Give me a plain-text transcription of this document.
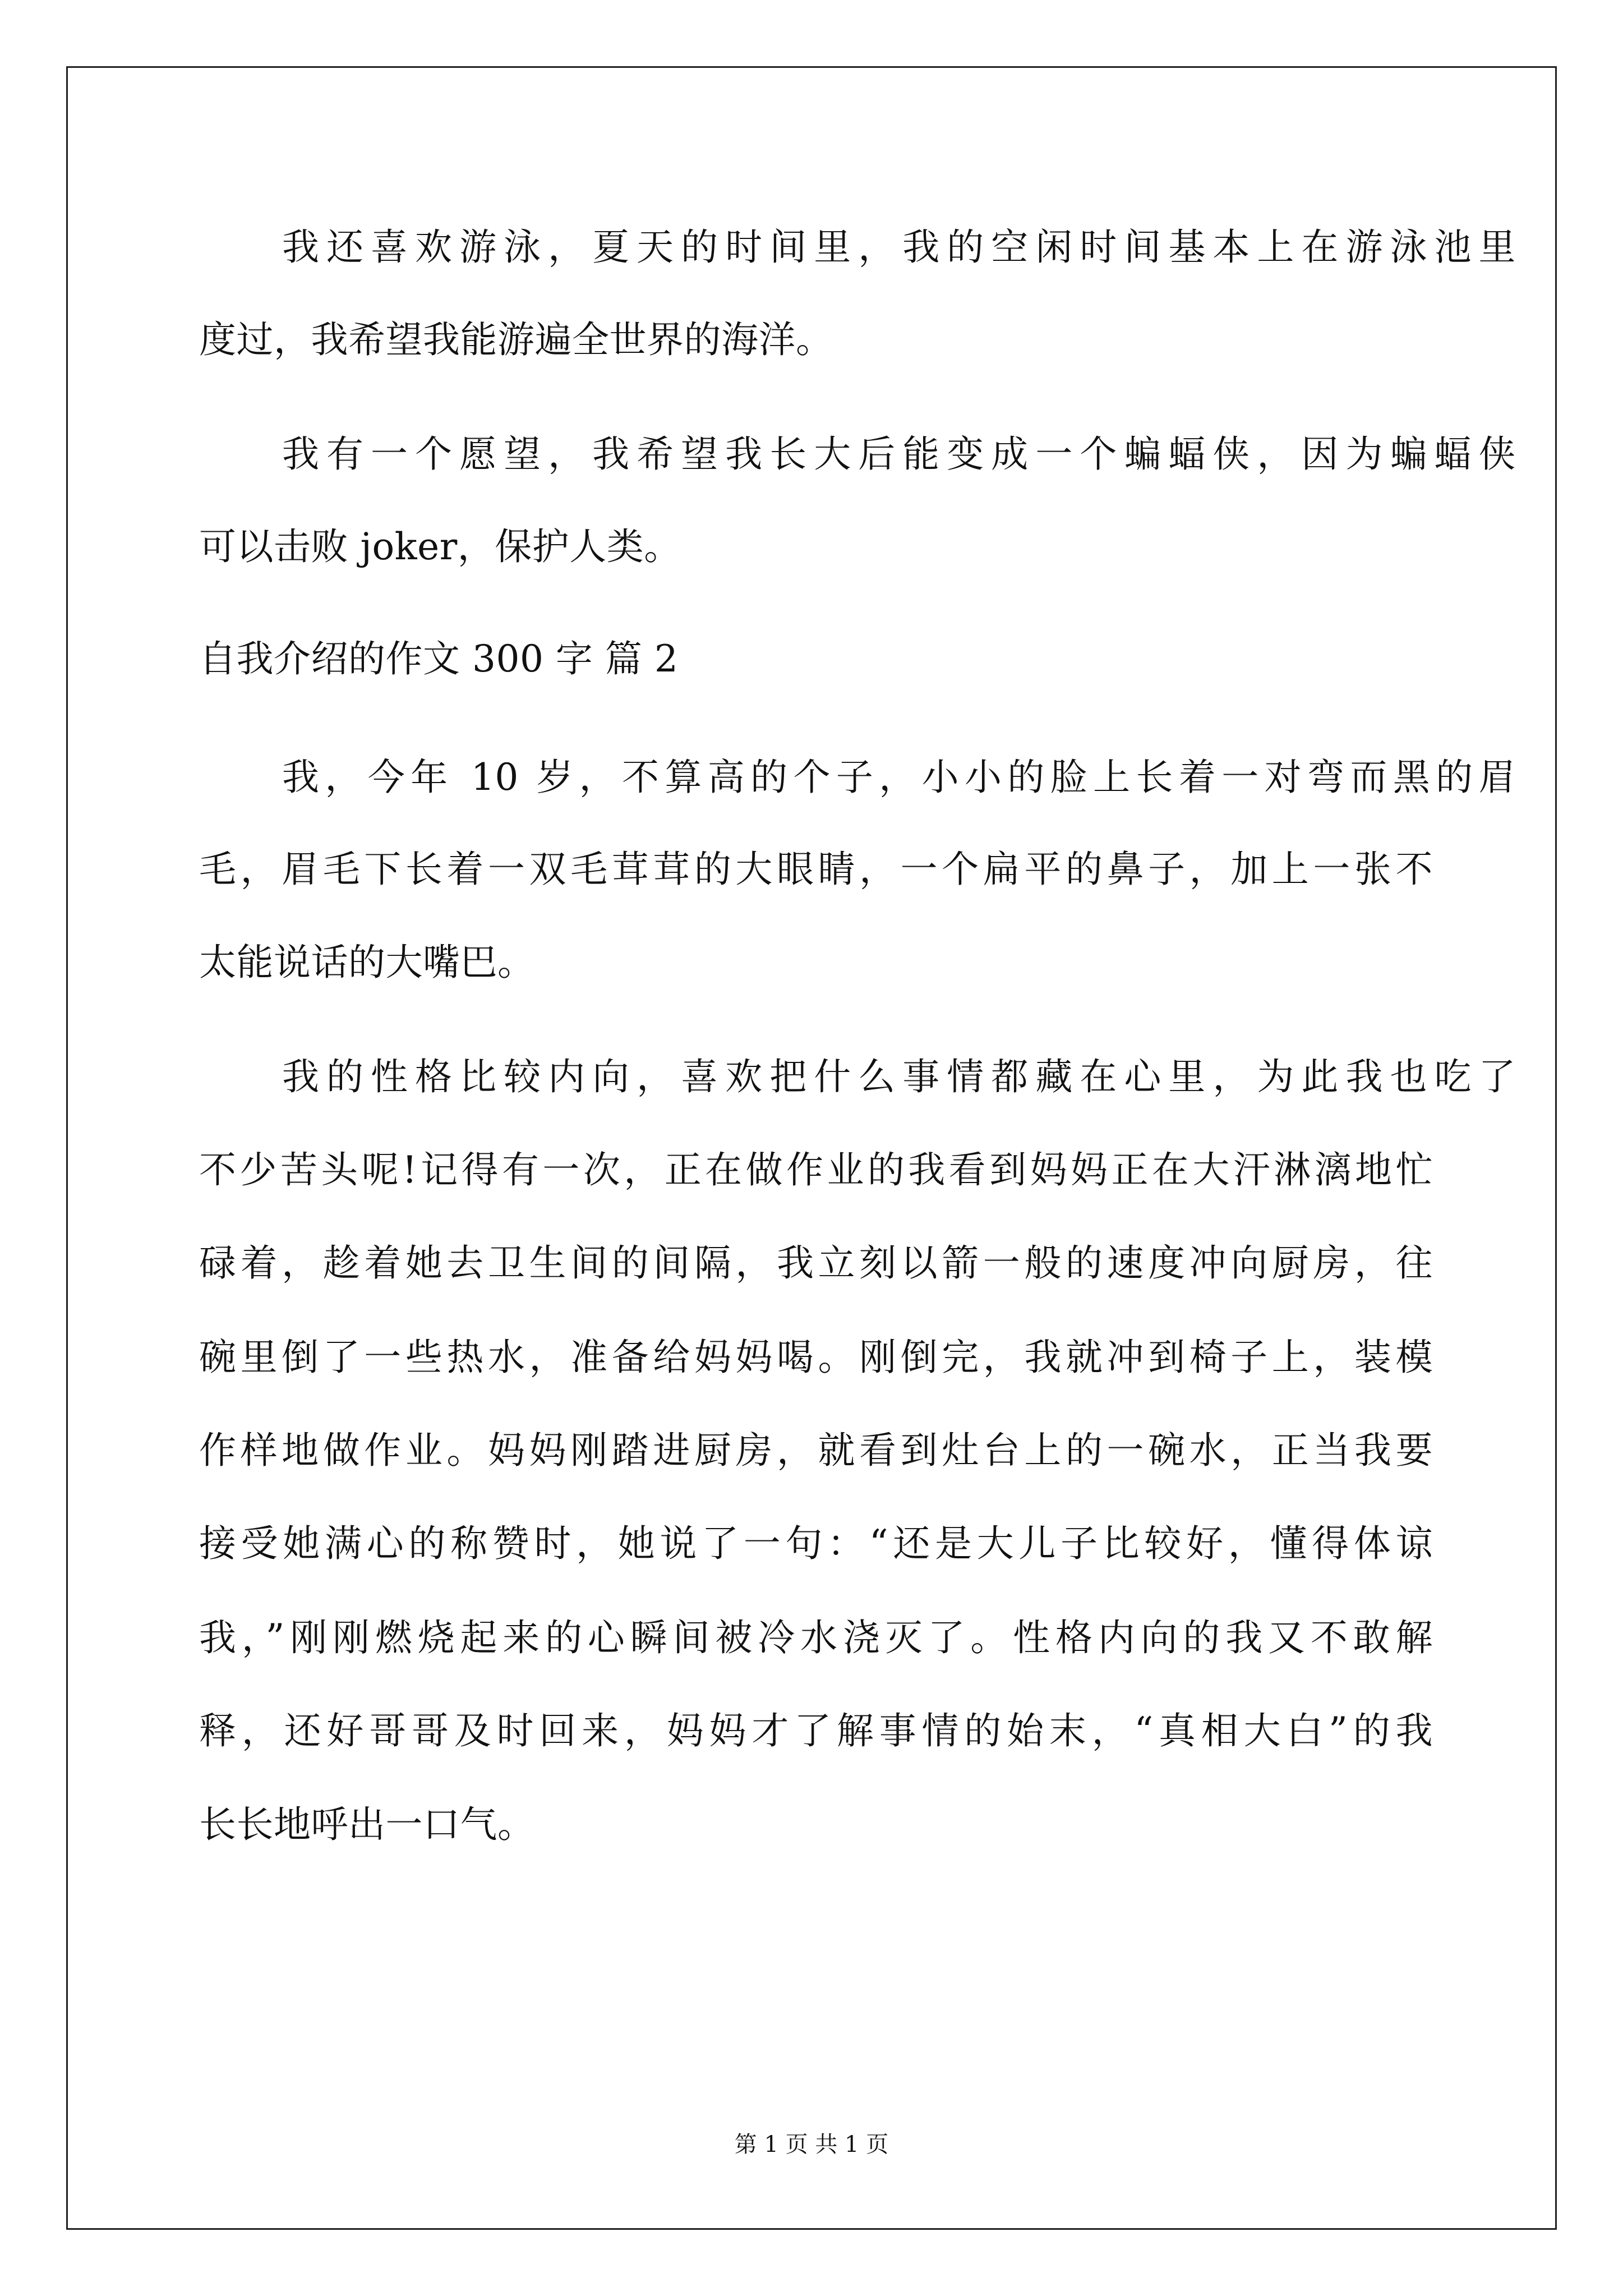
我还喜欢游泳，夏天的时间里，我的空闲时间基本上在游泳池里
度过，我希望我能游遍全世界的海洋。
我有一个愿望，我希望我长大后能变成一个蝙蝠侠，因为蝙蝠侠
可以击败 joker，保护人类。
自我介绍的作文 300 字 篇 2
我，今年 10 岁，不算高的个子，小小的脸上长着一对弯而黑的眉
毛，眉毛下长着一双毛茸茸的大眼睛，一个扁平的鼻子，加上一张不
太能说话的大嘴巴。
我的性格比较内向，喜欢把什么事情都藏在心里，为此我也吃了
不少苦头呢!记得有一次，正在做作业的我看到妈妈正在大汗淋漓地忙
碌着，趁着她去卫生间的间隔，我立刻以箭一般的速度冲向厨房，往
碗里倒了一些热水，准备给妈妈喝。刚倒完，我就冲到椅子上，装模
作样地做作业。妈妈刚踏进厨房，就看到灶台上的一碗水，正当我要
接受她满心的称赞时，她说了一句：“还是大儿子比较好，懂得体谅
我，”刚刚燃烧起来的心瞬间被冷水浇灭了。性格内向的我又不敢解
释，还好哥哥及时回来，妈妈才了解事情的始末，“真相大白”的我
长长地呼出一口气。
第 1 页 共 1 页
